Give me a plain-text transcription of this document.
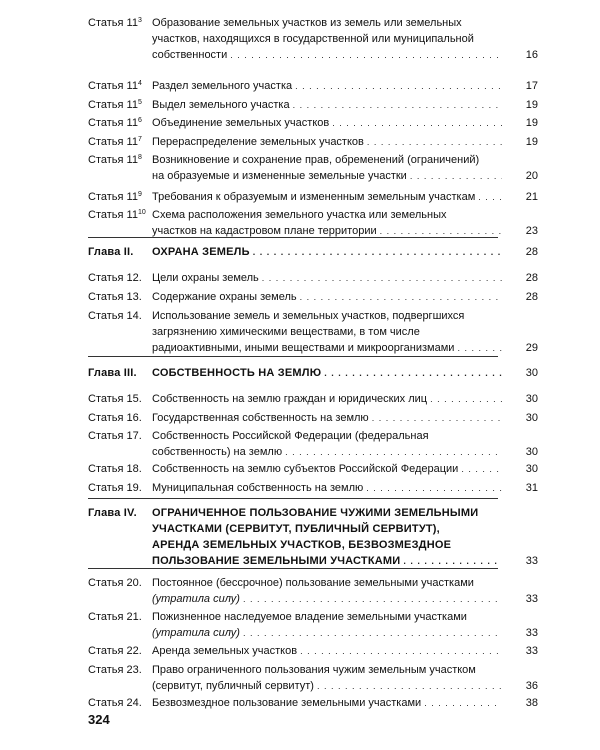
Статья $11^3$ Образование земельных участков из земель или земельных
участков, находящихся в государственной или муниципальной
собственности . . .	16
Статья $11^4$ Раздел земельного участка . . .	17
Статья $11^5$ Выдел земельного участка . . .	19
Статья $11^6$ Объединение земельных участков . . .	19
Статья $11^7$ Перераспределение земельных участков . . .	19
Статья $11^8$ Возникновение и сохранение прав, обременений (ограничений)
на образуемые и измененные земельные участки . . .	20
Статья $11^9$ Требования к образуемым и измененным земельным участкам . . .	21
Статья $11^{10}$ Схема расположения земельного участка или земельных
участков на кадастровом плане территории . . .	23
Глава II. ОХРАНА ЗЕМЕЛЬ . . .	28
Статья 12. Цели охраны земель . . .	28
Статья 13. Содержание охраны земель . . .	28
Статья 14. Использование земель и земельных участков, подвергшихся
загрязнению химическими веществами, в том числе
радиоактивными, иными веществами и микроорганизмами . . .	29
Глава III. СОБСТВЕННОСТЬ НА ЗЕМЛЮ . . .	30
Статья 15. Собственность на землю граждан и юридических лиц . . .	30
Статья 16. Государственная собственность на землю . . .	30
Статья 17. Собственность Российской Федерации (федеральная
собственность) на землю . . .	30
Статья 18. Собственность на землю субъектов Российской Федерации . . .	30
Статья 19. Муниципальная собственность на землю . . .	31
Глава IV. ОГРАНИЧЕННОЕ ПОЛЬЗОВАНИЕ ЧУЖИМИ ЗЕМЕЛЬНЫМИ
УЧАСТКАМИ (СЕРВИТУТ, ПУБЛИЧНЫЙ СЕРВИТУТ),
АРЕНДА ЗЕМЕЛЬНЫХ УЧАСТКОВ, БЕЗВОЗМЕЗДНОЕ
ПОЛЬЗОВАНИЕ ЗЕМЕЛЬНЫМИ УЧАСТКАМИ . . .	33
Статья 20. Постоянное (бессрочное) пользование земельными участками
(утратила силу) . . .	33
Статья 21. Пожизненное наследуемое владение земельными участками
(утратила силу) . . .	33
Статья 22. Аренда земельных участков . . .	33
Статья 23. Право ограниченного пользования чужим земельным участком
(сервитут, публичный сервитут) . . .	36
Статья 24. Безвозмездное пользование земельными участками . . .	38
324
